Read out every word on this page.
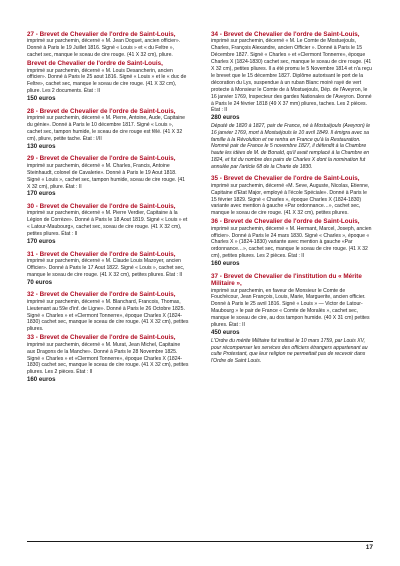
27 - Brevet de Chevalier de l'ordre de Saint-Louis,

imprimé sur parchemin, décerné « M. Jean Doguet, ancien officier». Donné à Paris le 19 Juillet 1816. Signé « Louis » et « du Feltre », cachet sec, manque le sceau de cire rouge. (41 X 32 cm), pliure.

Brevet de Chevalier de l'ordre de Saint-Louis,

imprimé sur parchemin, décerné « M. Louis Desancherin, ancien officier». Donné à Paris le 25 aout 1816. Signé « Louis » et le « duc de Feltre», cachet sec, manque le sceau de cire rouge. (41 X 32 cm), pliure. Les 2 documents. État : II

150 euros
28 - Brevet de Chevalier de l'ordre de Saint-Louis,

imprimé sur parchemin, décerné « M. Pierre, Antoine, Aude, Capitaine du génie». Donné à Paris le 10 décembre 1817. Signé « Louis », cachet sec, tampon humide, le sceau de cire rouge est fêlé. (41 X 32 cm), pliure, petite tache. État : I/II

130 euros
29 - Brevet de Chevalier de l'ordre de Saint-Louis,

imprimé sur parchemin, décerné « M. Charles, Francis, Antoine Steinhaudt, colonel de Cavalerie». Donné à Paris le 19 Aout 1818. Signé « Louis », cachet sec, tampon humide, sceau de cire rouge. (41 X 32 cm), pliure. État : II

170 euros
30 - Brevet de Chevalier de l'ordre de Saint-Louis,

imprimé sur parchemin, décerné « M. Pierre Verdier, Capitaine à la Légion de Corrèze». Donné à Paris le 18 Aout 1819. Signé « Louis » et « Latour-Maubourg», cachet sec, sceau de cire rouge. (41 X 32 cm), petites pliures. État : II

170 euros
31 - Brevet de Chevalier de l'ordre de Saint-Louis,

imprimé sur parchemin, décerné « M. Claude Louis Mazoyer, ancien Officier». Donné à Paris le 17 Aout 1822. Signé « Louis », cachet sec, manque le sceau de cire rouge. (41 X 32 cm), petites pliures. État : II

70 euros
32 - Brevet de Chevalier de l'ordre de Saint-Louis,

imprimé sur parchemin, décerné « M. Blanchard, Francois, Thomas, Lieutenant au 59e d'inf. de Ligne». Donné à Paris le 26 Octobre 1825. Signé « Charles » et «Clermont Tonnerre», époque Charles X (1824-1830) cachet sec, manque le sceau de cire rouge. (41 X 32 cm), petites pliures.

33 - Brevet de Chevalier de l'ordre de Saint-Louis,

imprimé sur parchemin, décerné « M. Murat, Jean Michel, Capitaine aux Dragons de la Manche». Donné à Paris le 28 Novembre 1825. Signé « Charles » et «Clermont Tonnerre», époque Charles X (1824-1830) cachet sec, manque le sceau de cire rouge. (41 X 32 cm), petites pliures. Les 2 pièces. État : II

160 euros
34 - Brevet de Chevalier de l'ordre de Saint-Louis,

imprimé sur parchemin, décerné « M. Le Comte de Mostuejouls, Charles, François Alexandre, ancien Officier ». Donné à Paris le 15 Décembre 1827. Signé « Charles » et «Clermont Tonnerre», époque Charles X (1824-1830) cachet sec, manque le sceau de cire rouge. (41 X 32 cm), petites pliures. Il a été promu le 5 Novembre 1814 et n'a reçu le brevet que le 15 décembre 1827. Diplôme autorisant le port de la décoration du Lys, suspendue à un ruban Blanc moiré rayé de vert protecte à Monsieur le Comte de à Mostuejouls, Dép. de l'Aveyron, le 16 janvier 1769, Inspecteur des gardes Nationales de l'Aveyron. Donné à Paris le 24 février 1818 (49 X 37 mm) pliures, taches. Les 2 pièces. État : II

280 euros

Député de 1820 à 1827, pair de France, né à Mostuéjouls (Aveyron) le 16 janvier 1769, mort à Mostuéjouls le 10 avril 1849. Il émigra avec sa famille à la Révolution et ne rentra en France qu'à la Restauration. Nommé pair de France le 5 novembre 1827, il défendit à la Chambre haute les idées de M. de Bonald, qu'il avait remplacé à la Chambre en 1824, et fut du nombre des pairs de Charles X dont la nomination fut annulée par l'article 68 de la Charte de 1830.

35 - Brevet de Chevalier de l'ordre de Saint-Louis,

imprimé sur parchemin, décerné «M. Seve, Auguste, Nicolas, Etienne, Capitaine d'Etat Major, employé à l'école Spéciale». Donné à Paris le 15 février 1829. Signé « Charles », époque Charles X (1824-1830) variante avec mention à gauche «Par ordonnance…», cachet sec, manque le sceau de cire rouge. (41 X 32 cm), petites pliures.

36 - Brevet de Chevalier de l'ordre de Saint-Louis,

imprimé sur parchemin, décerné « M. Hermant, Marcel, Joseph, ancien officier». Donné à Paris le 24 mars 1830. Signé « Charles », époque « Charles X » (1824-1830) variante avec mention à gauche «Par ordonnance…», cachet sec, manque le sceau de cire rouge. (41 X 32 cm), petites pliures. Les 2 pièces. État : II

160 euros
37 - Brevet de Chevalier de l'institution du « Mérite Militaire »,

imprimé sur parchemin, en faveur de Monsieur le Comte de Fouchécour, Jean François, Louis, Marie, Marguerite, ancien officier. Donné à Paris le 25 avril 1816. Signé « Louis » — Victor de Latour-Maubourg » le pair de France « Comte de Moralès », cachet sec, manque le sceau de cire, au dos tampon humide. (40 X 31 cm) petites pliures. État : II

450 euros

L'Ordre du mérite Militaire fut institué le 10 mars 1759, par Louis XV, pour récompenser les services des officiers étrangers appartenant au culte Protestant, que leur religion ne permettait pas de recevoir dans l'Ordre de Saint Louis.

17
